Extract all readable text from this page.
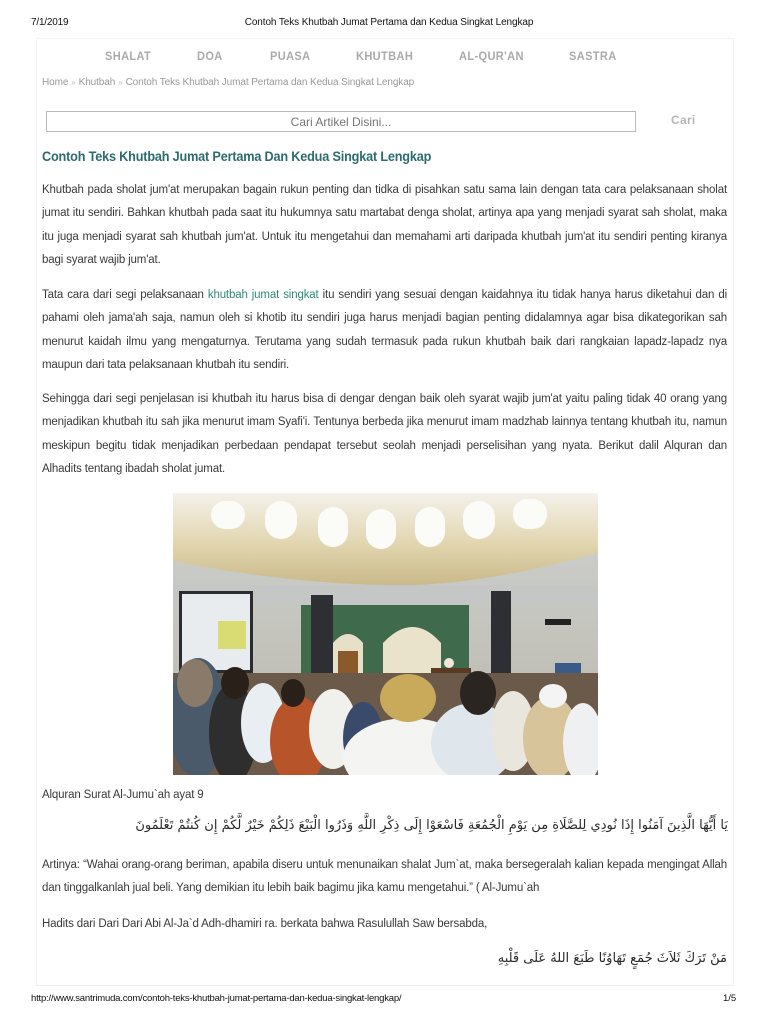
7/1/2019	Contoh Teks Khutbah Jumat Pertama dan Kedua Singkat Lengkap
SHALAT	DOA	PUASA	KHUTBAH	AL-QUR'AN	SASTRA
Home » Khutbah » Contoh Teks Khutbah Jumat Pertama dan Kedua Singkat Lengkap
Cari Artikel Disini...
Cari
Contoh Teks Khutbah Jumat Pertama Dan Kedua Singkat Lengkap

Khutbah pada sholat jum'at merupakan bagain rukun penting dan tidka di pisahkan satu sama lain dengan tata cara pelaksanaan sholat jumat itu sendiri. Bahkan khutbah pada saat itu hukumnya satu martabat denga sholat, artinya apa yang menjadi syarat sah sholat, maka itu juga menjadi syarat sah khutbah jum'at. Untuk itu mengetahui dan memahami arti daripada khutbah jum'at itu sendiri penting kiranya bagi syarat wajib jum'at.

Tata cara dari segi pelaksanaan khutbah jumat singkat itu sendiri yang sesuai dengan kaidahnya itu tidak hanya harus diketahui dan di pahami oleh jama'ah saja, namun oleh si khotib itu sendiri juga harus menjadi bagian penting didalamnya agar bisa dikategorikan sah menurut kaidah ilmu yang mengaturnya. Terutama yang sudah termasuk pada rukun khutbah baik dari rangkaian lapadz-lapadz nya maupun dari tata pelaksanaan khutbah itu sendiri.

Sehingga dari segi penjelasan isi khutbah itu harus bisa di dengar dengan baik oleh syarat wajib jum'at yaitu paling tidak 40 orang yang menjadikan khutbah itu sah jika menurut imam Syafi'i. Tentunya berbeda jika menurut imam madzhab lainnya tentang khutbah itu, namun meskipun begitu tidak menjadikan perbedaan pendapat tersebut seolah menjadi perselisihan yang nyata. Berikut dalil Alquran dan Alhadits tentang ibadah sholat jumat.

Alquran Surat Al-Jumu`ah ayat 9
يَا أَيُّهَا الَّذِينَ آمَنُوا إِذَا نُودِي لِلصَّلَاةِ مِن يَوْمِ الْجُمُعَةِ فَاسْعَوْا إِلَى ذِكْرِ اللَّهِ وَذَرُوا الْبَيْعَ ذَلِكُمْ خَيْرٌ لَّكُمْ إِن كُنتُمْ تَعْلَمُونَ

Artinya: “Wahai orang-orang beriman, apabila diseru untuk menunaikan shalat Jum`at, maka bersegeralah kalian kepada mengingat Allah dan tinggalkanlah jual beli. Yang demikian itu lebih baik bagimu jika kamu mengetahui.” ( Al-Jumu`ah

Hadits dari Dari Dari Abi Al-Ja`d Adh-dhamiri ra. berkata bahwa Rasulullah Saw bersabda,
مَنْ تَرَكَ ثَلاَثَ جُمَعٍ تَهَاوُنًا طَبَعَ اللهُ عَلَى قَلْبِهِ
http://www.santrimuda.com/contoh-teks-khutbah-jumat-pertama-dan-kedua-singkat-lengkap/	1/5
